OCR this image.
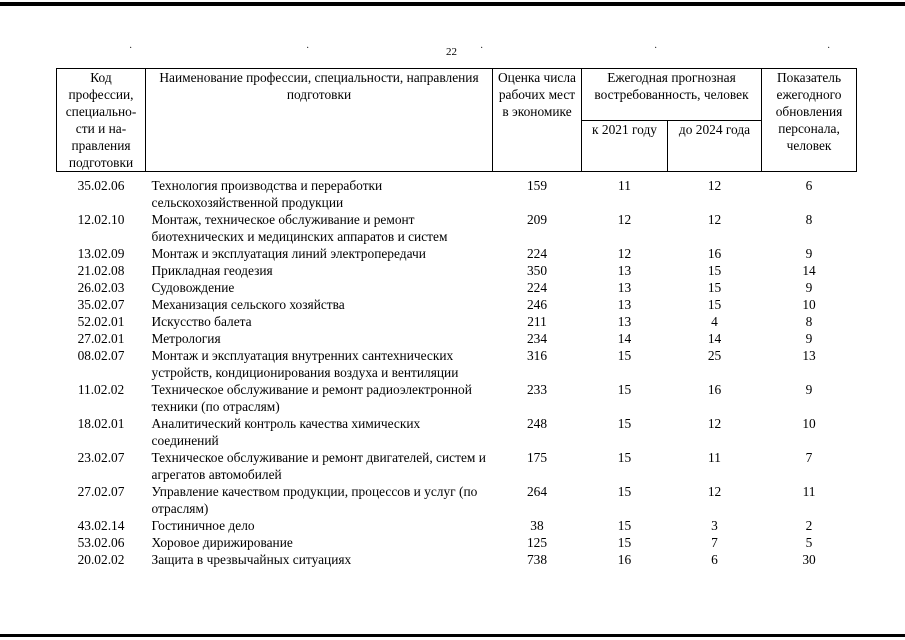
·	·	·	·	·
22
Код профессии, специально-сти и на-правления подготовки	Наименование профессии, специальности, направления подготовки	Оценка числа рабочих мест в экономике	Ежегодная прогнозная востребованность, человек		Показатель ежегодного обновления персонала, человек
			к 2021 году	до 2024 года	
35.02.06	Технология производства и переработки сельскохозяйственной продукции	159	11	12	6
12.02.10	Монтаж, техническое обслуживание и ремонт биотехнических и медицинских аппаратов и систем	209	12	12	8
13.02.09	Монтаж и эксплуатация линий электропередачи	224	12	16	9
21.02.08	Прикладная геодезия	350	13	15	14
26.02.03	Судовождение	224	13	15	9
35.02.07	Механизация сельского хозяйства	246	13	15	10
52.02.01	Искусство балета	211	13	4	8
27.02.01	Метрология	234	14	14	9
08.02.07	Монтаж и эксплуатация внутренних сантехнических устройств, кондиционирования воздуха и вентиляции	316	15	25	13
11.02.02	Техническое обслуживание и ремонт радиоэлектронной техники (по отраслям)	233	15	16	9
18.02.01	Аналитический контроль качества химических соединений	248	15	12	10
23.02.07	Техническое обслуживание и ремонт двигателей, систем и агрегатов автомобилей	175	15	11	7
27.02.07	Управление качеством продукции, процессов и услуг (по отраслям)	264	15	12	11
43.02.14	Гостиничное дело	38	15	3	2
53.02.06	Хоровое дирижирование	125	15	7	5
20.02.02	Защита в чрезвычайных ситуациях	738	16	6	30
